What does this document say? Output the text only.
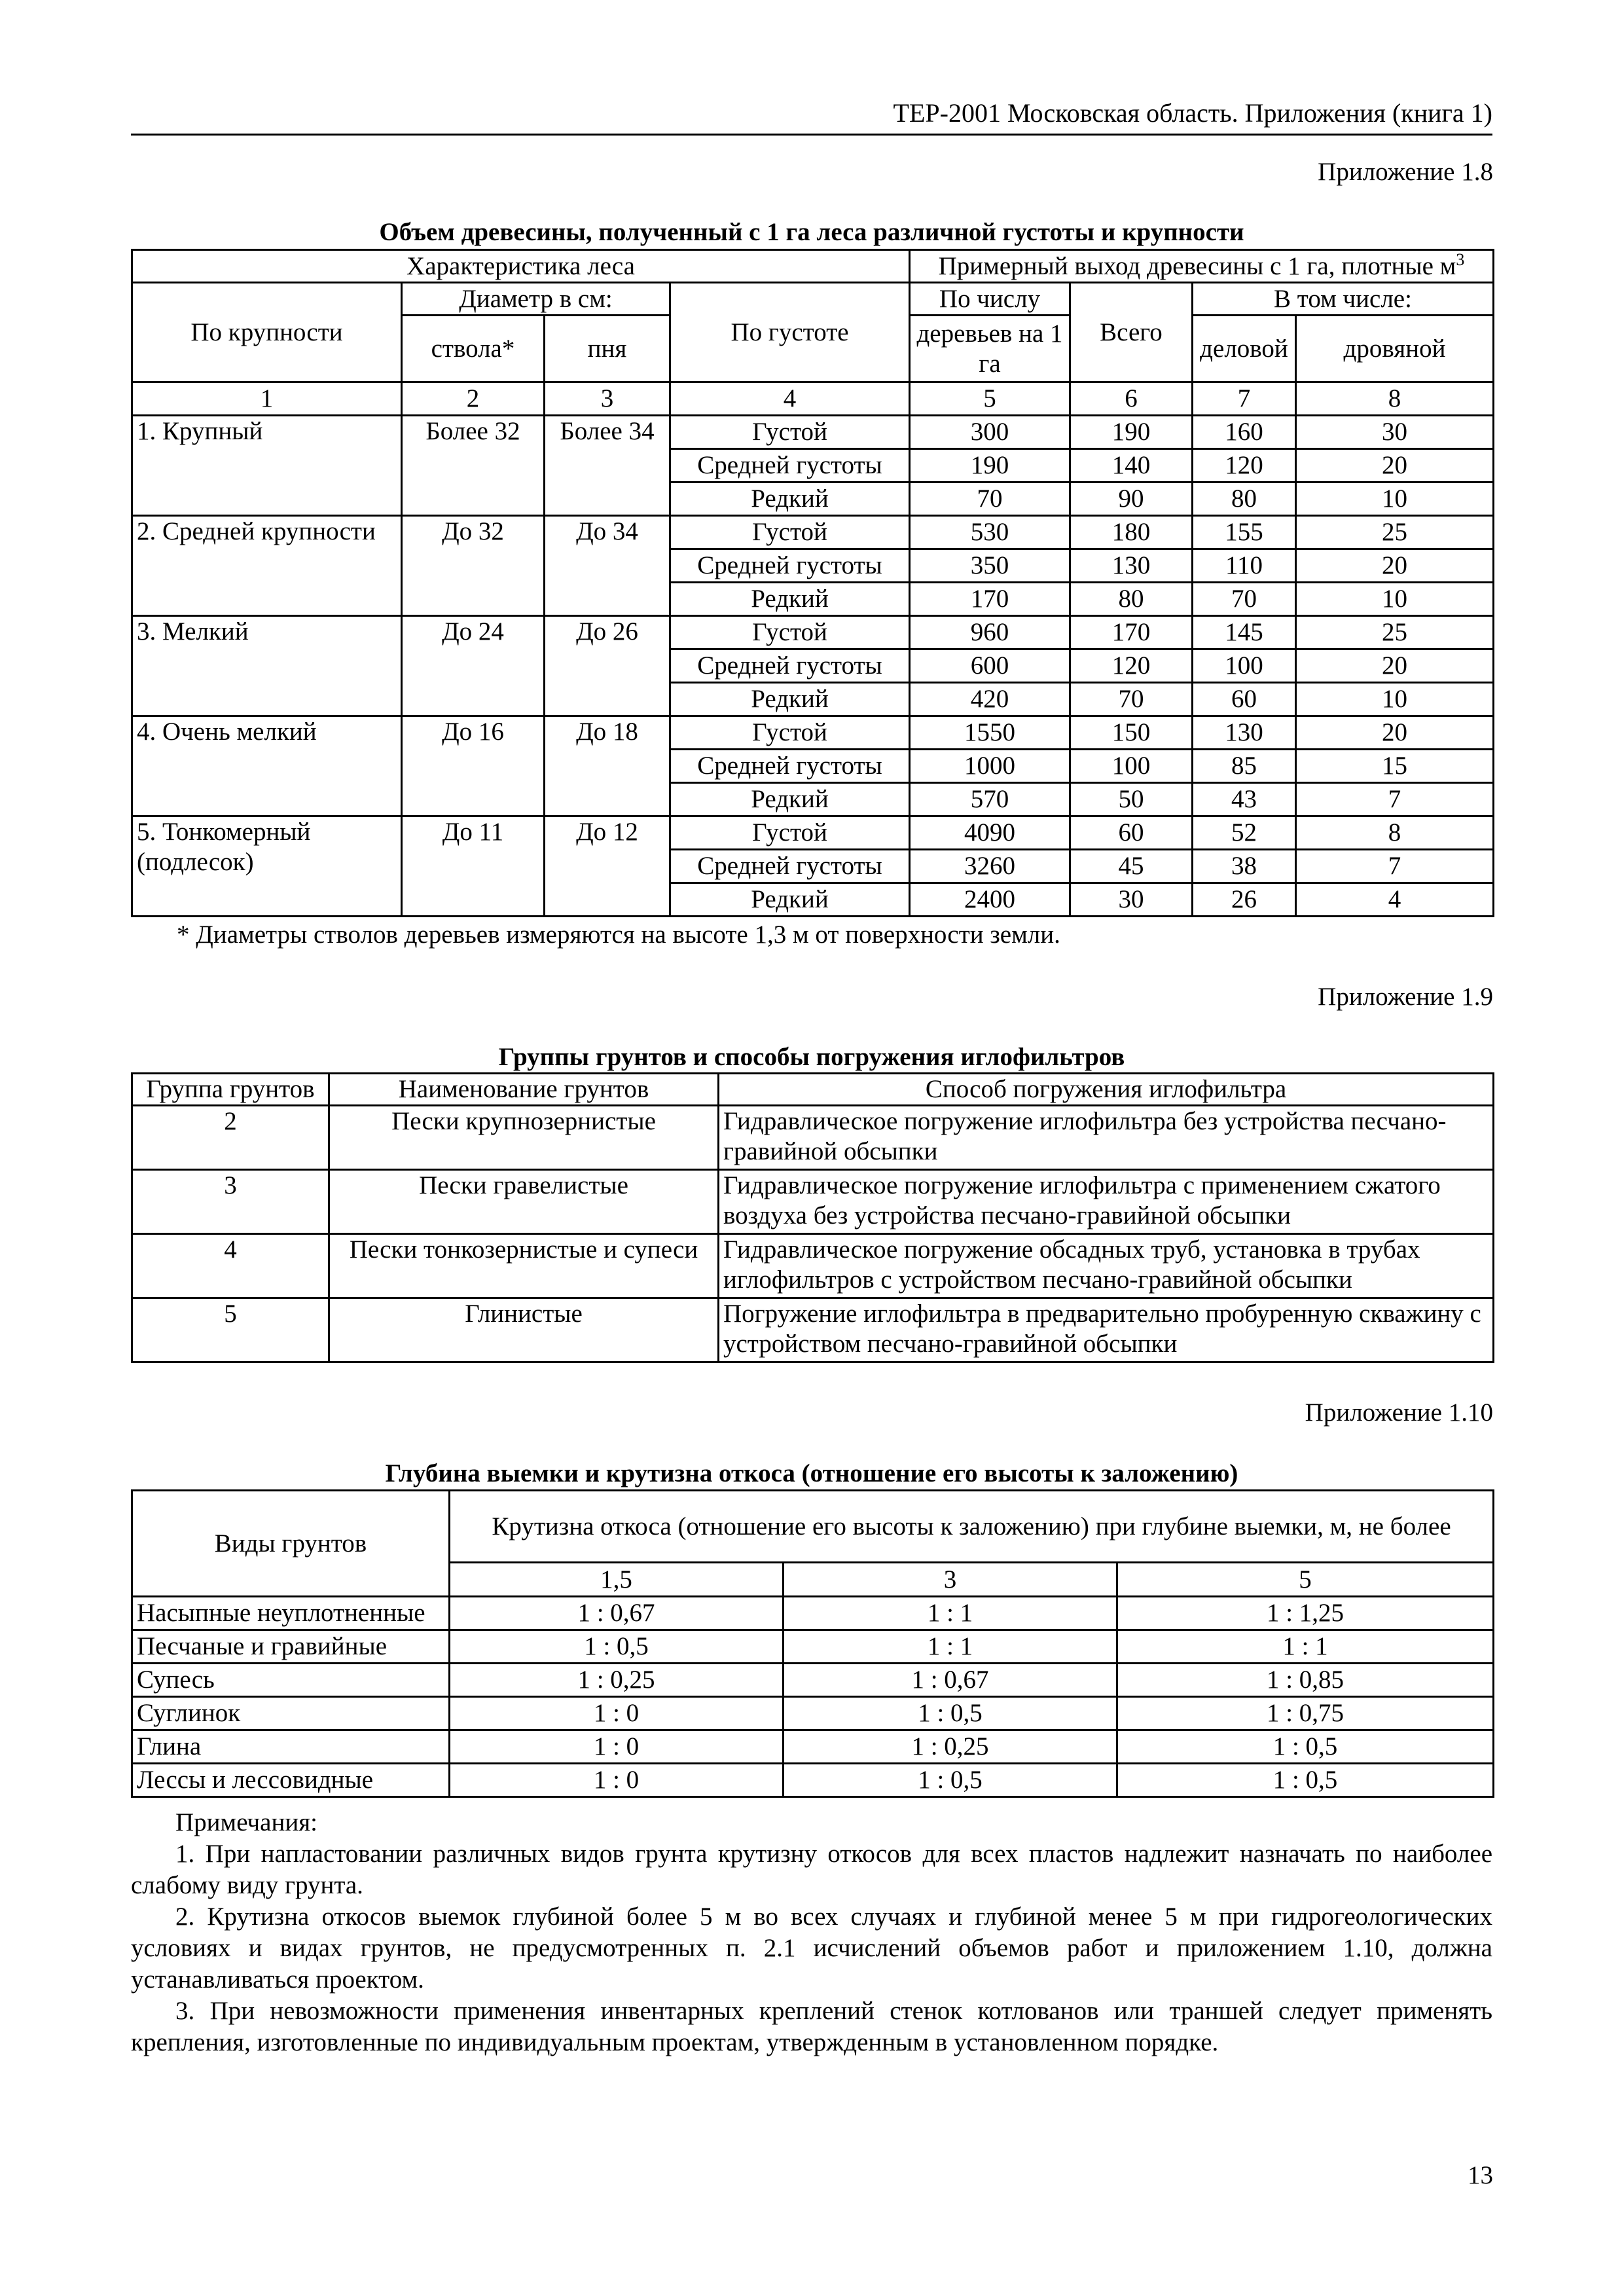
ТЕР-2001 Московская область. Приложения (книга 1)
Приложение 1.8
Объем древесины, полученный с 1 га леса различной густоты и крупности
Характеристика леса				Примерный выход древесины с 1 га, плотные $м^3$
По крупности	Диаметр в см:		По густоте	По числу	Всего	В том числе:	
	ствола*	пня		деревьев на 1 га		деловой	дровяной

1	2	3	4	5	6	7	8
1. Крупный	Более 32	Более 34	Густой	300	190	160	30
			Средней густоты	190	140	120	20
			Редкий	70	90	80	10
2. Средней крупности	До 32	До 34	Густой	530	180	155	25
			Средней густоты	350	130	110	20
			Редкий	170	80	70	10
3. Мелкий	До 24	До 26	Густой	960	170	145	25
			Средней густоты	600	120	100	20
			Редкий	420	70	60	10
4. Очень мелкий	До 16	До 18	Густой	1550	150	130	20
			Средней густоты	1000	100	85	15
			Редкий	570	50	43	7
5. Тонкомерный (подлесок)	До 11	До 12	Густой	4090	60	52	8
			Средней густоты	3260	45	38	7
			Редкий	2400	30	26	4
* Диаметры стволов деревьев измеряются на высоте 1,3 м от поверхности земли.
Приложение 1.9
Группы грунтов и способы погружения иглофильтров
Группа грунтов	Наименование грунтов	Способ погружения иглофильтра
2	Пески крупнозернистые	Гидравлическое погружение иглофильтра без устройства песчано-гравийной обсыпки
3	Пески гравелистые	Гидравлическое погружение иглофильтра с применением сжатого воздуха без устройства песчано-гравийной обсыпки
4	Пески тонкозернистые и супеси	Гидравлическое погружение обсадных труб, установка в трубах иглофильтров с устройством песчано-гравийной обсыпки
5	Глинистые	Погружение иглофильтра в предварительно пробуренную скважину с устройством песчано-гравийной обсыпки
Приложение 1.10
Глубина выемки и крутизна откоса (отношение его высоты к заложению)
Виды грунтов	Крутизна откоса (отношение его высоты к заложению) при глубине выемки, м, не более		
	1,5	3	5
Насыпные неуплотненные	1 : 0,67	1 : 1	1 : 1,25
Песчаные и гравийные	1 : 0,5	1 : 1	1 : 1
Супесь	1 : 0,25	1 : 0,67	1 : 0,85
Суглинок	1 : 0	1 : 0,5	1 : 0,75
Глина	1 : 0	1 : 0,25	1 : 0,5
Лессы и лессовидные	1 : 0	1 : 0,5	1 : 0,5

Примечания:

1. При напластовании различных видов грунта крутизну откосов для всех пластов надлежит назначать по наиболее слабому виду грунта.

2. Крутизна откосов выемок глубиной более 5 м во всех случаях и глубиной менее 5 м при гидрогеологических условиях и видах грунтов, не предусмотренных п. 2.1 исчислений объемов работ и приложением 1.10, должна устанавливаться проектом.

3. При невозможности применения инвентарных креплений стенок котлованов или траншей следует применять крепления, изготовленные по индивидуальным проектам, утвержденным в установленном порядке.

13
